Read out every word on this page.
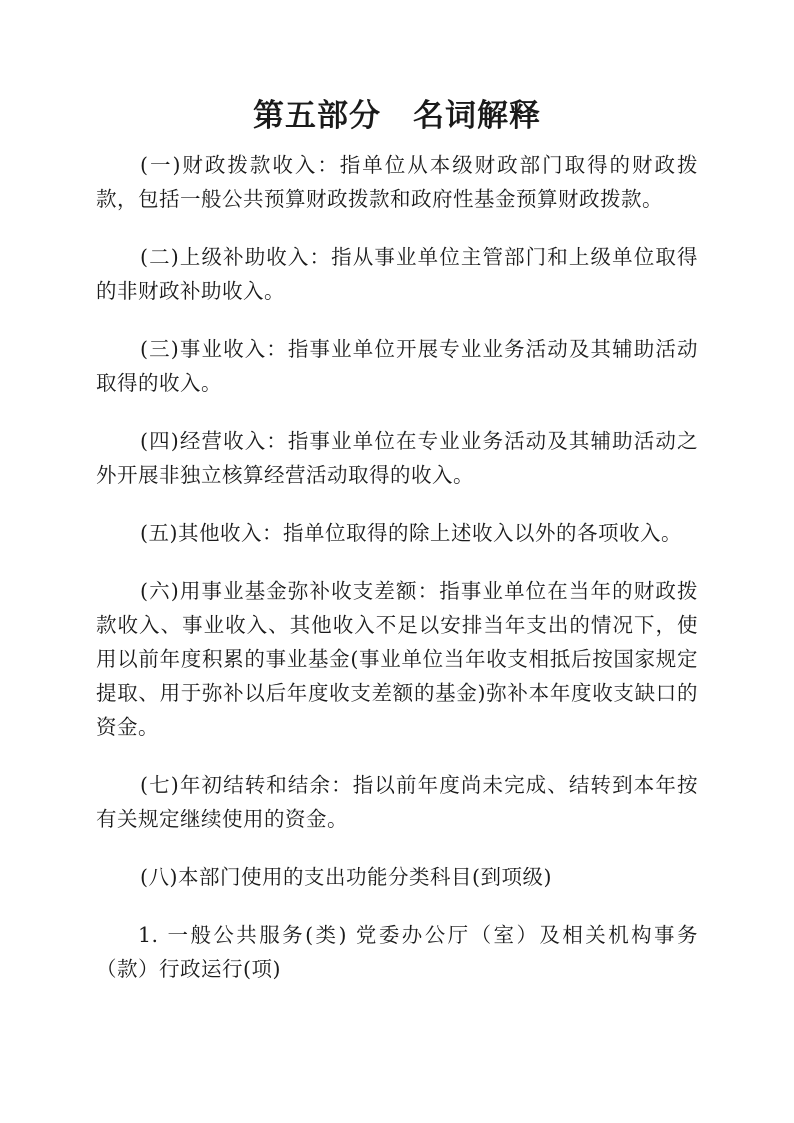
第五部分　名词解释

(一)财政拨款收入：指单位从本级财政部门取得的财政拨款，包括一般公共预算财政拨款和政府性基金预算财政拨款。

(二)上级补助收入：指从事业单位主管部门和上级单位取得的非财政补助收入。

(三)事业收入：指事业单位开展专业业务活动及其辅助活动取得的收入。

(四)经营收入：指事业单位在专业业务活动及其辅助活动之外开展非独立核算经营活动取得的收入。

(五)其他收入：指单位取得的除上述收入以外的各项收入。

(六)用事业基金弥补收支差额：指事业单位在当年的财政拨款收入、事业收入、其他收入不足以安排当年支出的情况下，使用以前年度积累的事业基金(事业单位当年收支相抵后按国家规定提取、用于弥补以后年度收支差额的基金)弥补本年度收支缺口的资金。

(七)年初结转和结余：指以前年度尚未完成、结转到本年按有关规定继续使用的资金。

(八)本部门使用的支出功能分类科目(到项级)

1. 一般公共服务(类) 党委办公厅（室）及相关机构事务（款）行政运行(项)
